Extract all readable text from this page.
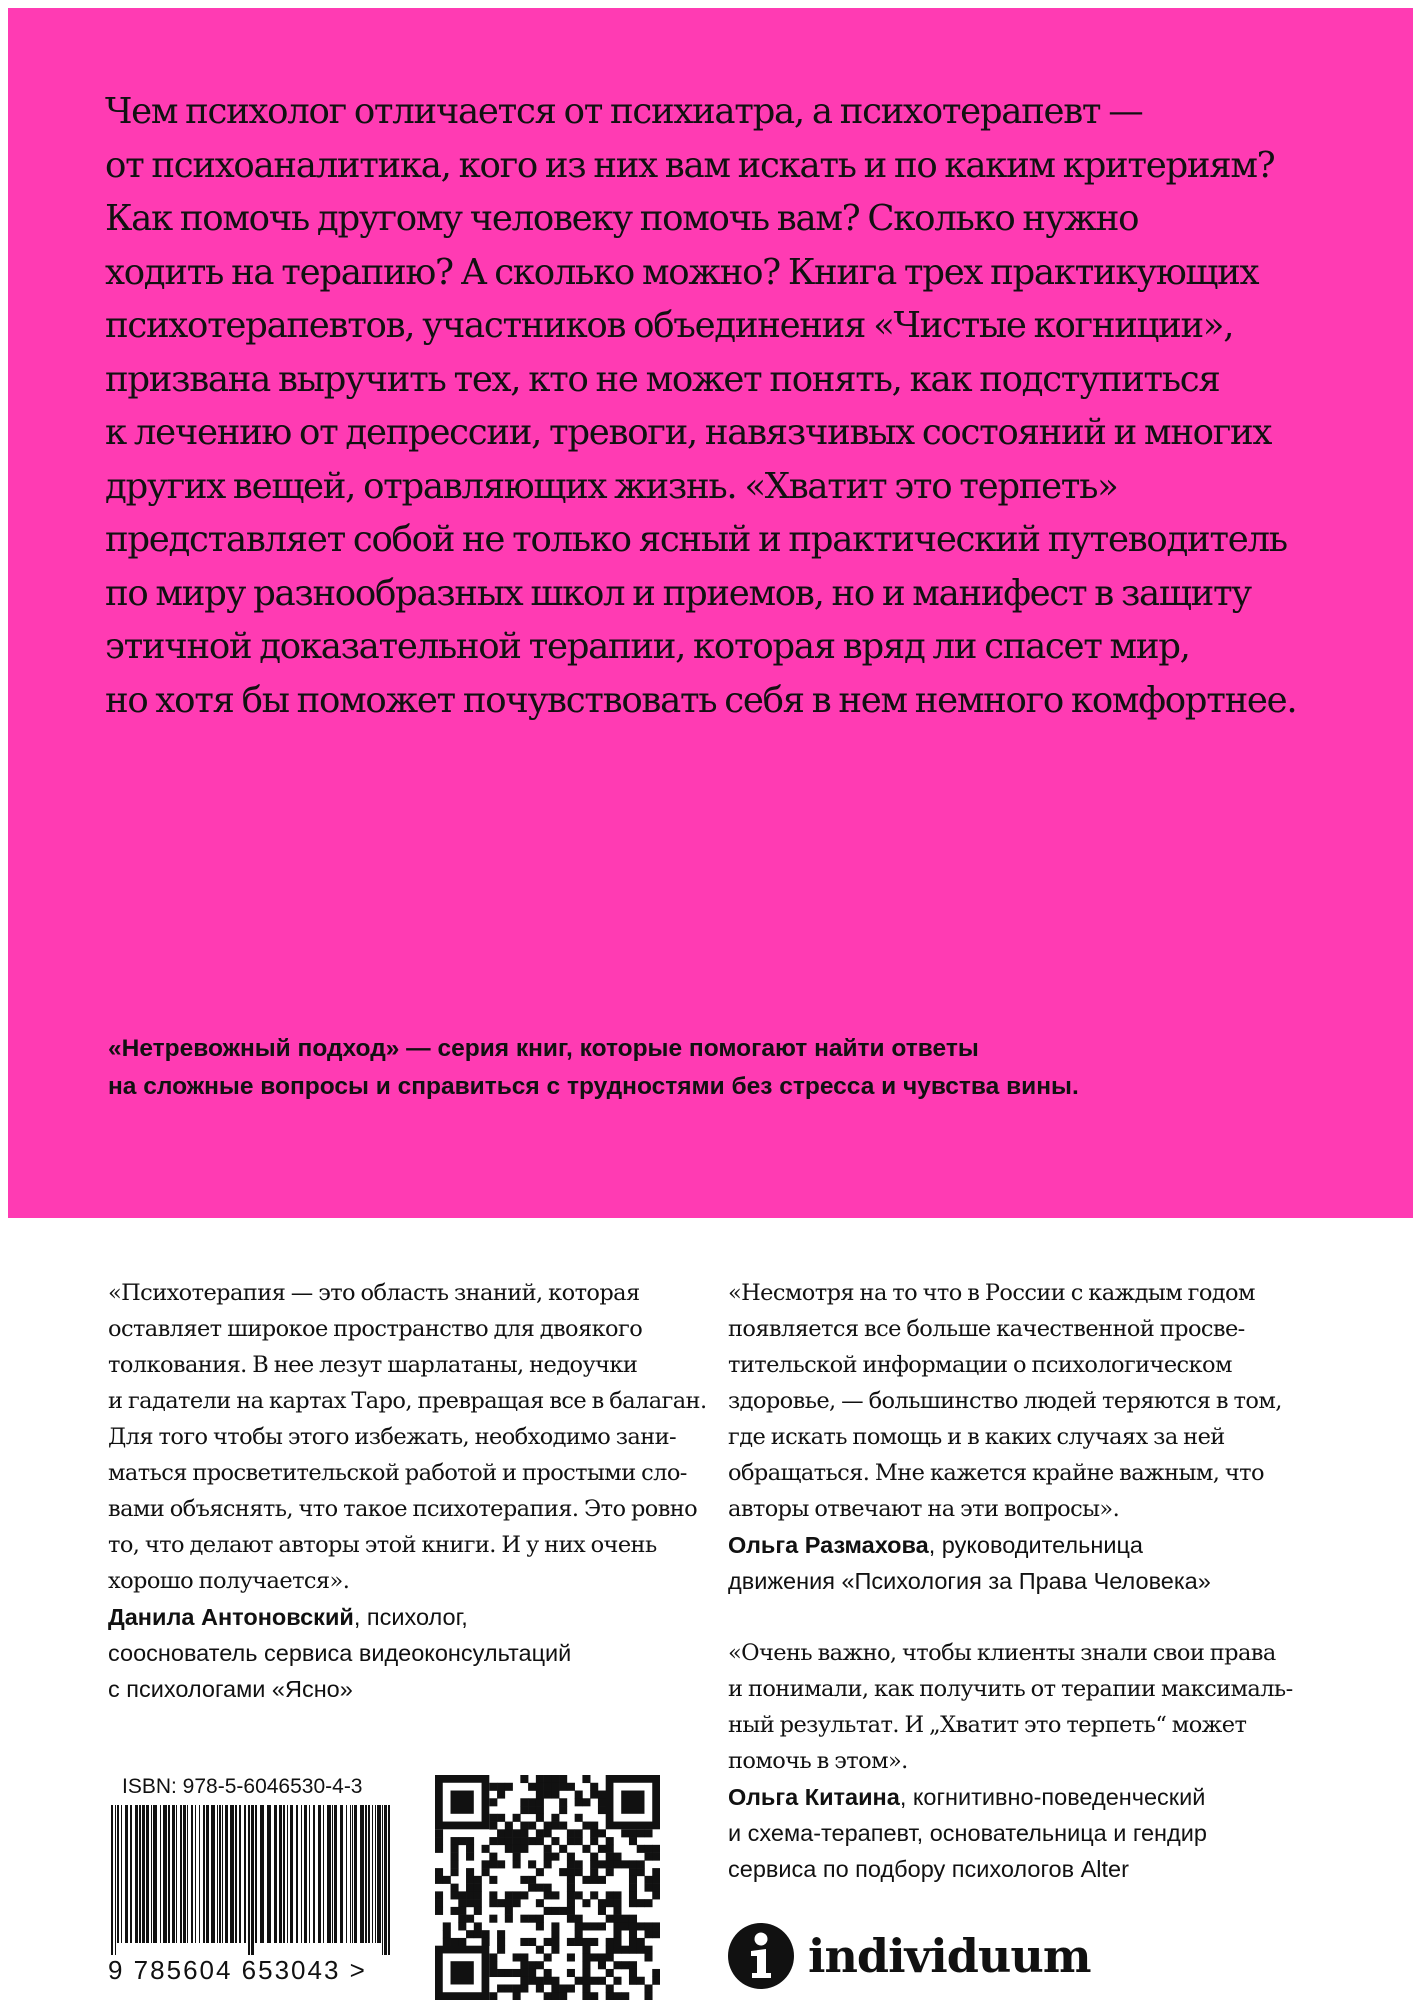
Чем психолог отличается от психиатра, а психотерапевт —
от психоаналитика, кого из них вам искать и по каким критериям?
Как помочь другому человеку помочь вам? Сколько нужно
ходить на терапию? А сколько можно? Книга трех практикующих
психотерапевтов, участников объединения «Чистые когниции»,
призвана выручить тех, кто не может понять, как подступиться
к лечению от депрессии, тревоги, навязчивых состояний и многих
других вещей, отравляющих жизнь. «Хватит это терпеть»
представляет собой не только ясный и практический путеводитель
по миру разнообразных школ и приемов, но и манифест в защиту
этичной доказательной терапии, которая вряд ли спасет мир,
но хотя бы поможет почувствовать себя в нем немного комфортнее.
«Нетревожный подход» — серия книг, которые помогают найти ответы
на сложные вопросы и справиться с трудностями без стресса и чувства вины.
«Психотерапия — это область знаний, которая
оставляет широкое пространство для двоякого
толкования. В нее лезут шарлатаны, недоучки
и гадатели на картах Таро, превращая все в балаган.
Для того чтобы этого избежать, необходимо зани-
маться просветительской работой и простыми сло-
вами объяснять, что такое психотерапия. Это ровно
то, что делают авторы этой книги. И у них очень
хорошо получается».
Данила Антоновский, психолог,
сооснователь сервиса видеоконсультаций
с психологами «Ясно»
«Несмотря на то что в России с каждым годом
появляется все больше качественной просве-
тительской информации о психологическом
здоровье, — большинство людей теряются в том,
где искать помощь и в каких случаях за ней
обращаться. Мне кажется крайне важным, что
авторы отвечают на эти вопросы».
Ольга Размахова, руководительница
движения «Психология за Права Человека»
«Очень важно, чтобы клиенты знали свои права
и понимали, как получить от терапии максималь-
ный результат. И „Хватит это терпеть“ может
помочь в этом».
Ольга Китаина, когнитивно-поведенческий
и схема-терапевт, основательница и гендир
сервиса по подбору психологов Alter
ISBN: 978-5-6046530-4-3
9 785604 653043 >	individuum
